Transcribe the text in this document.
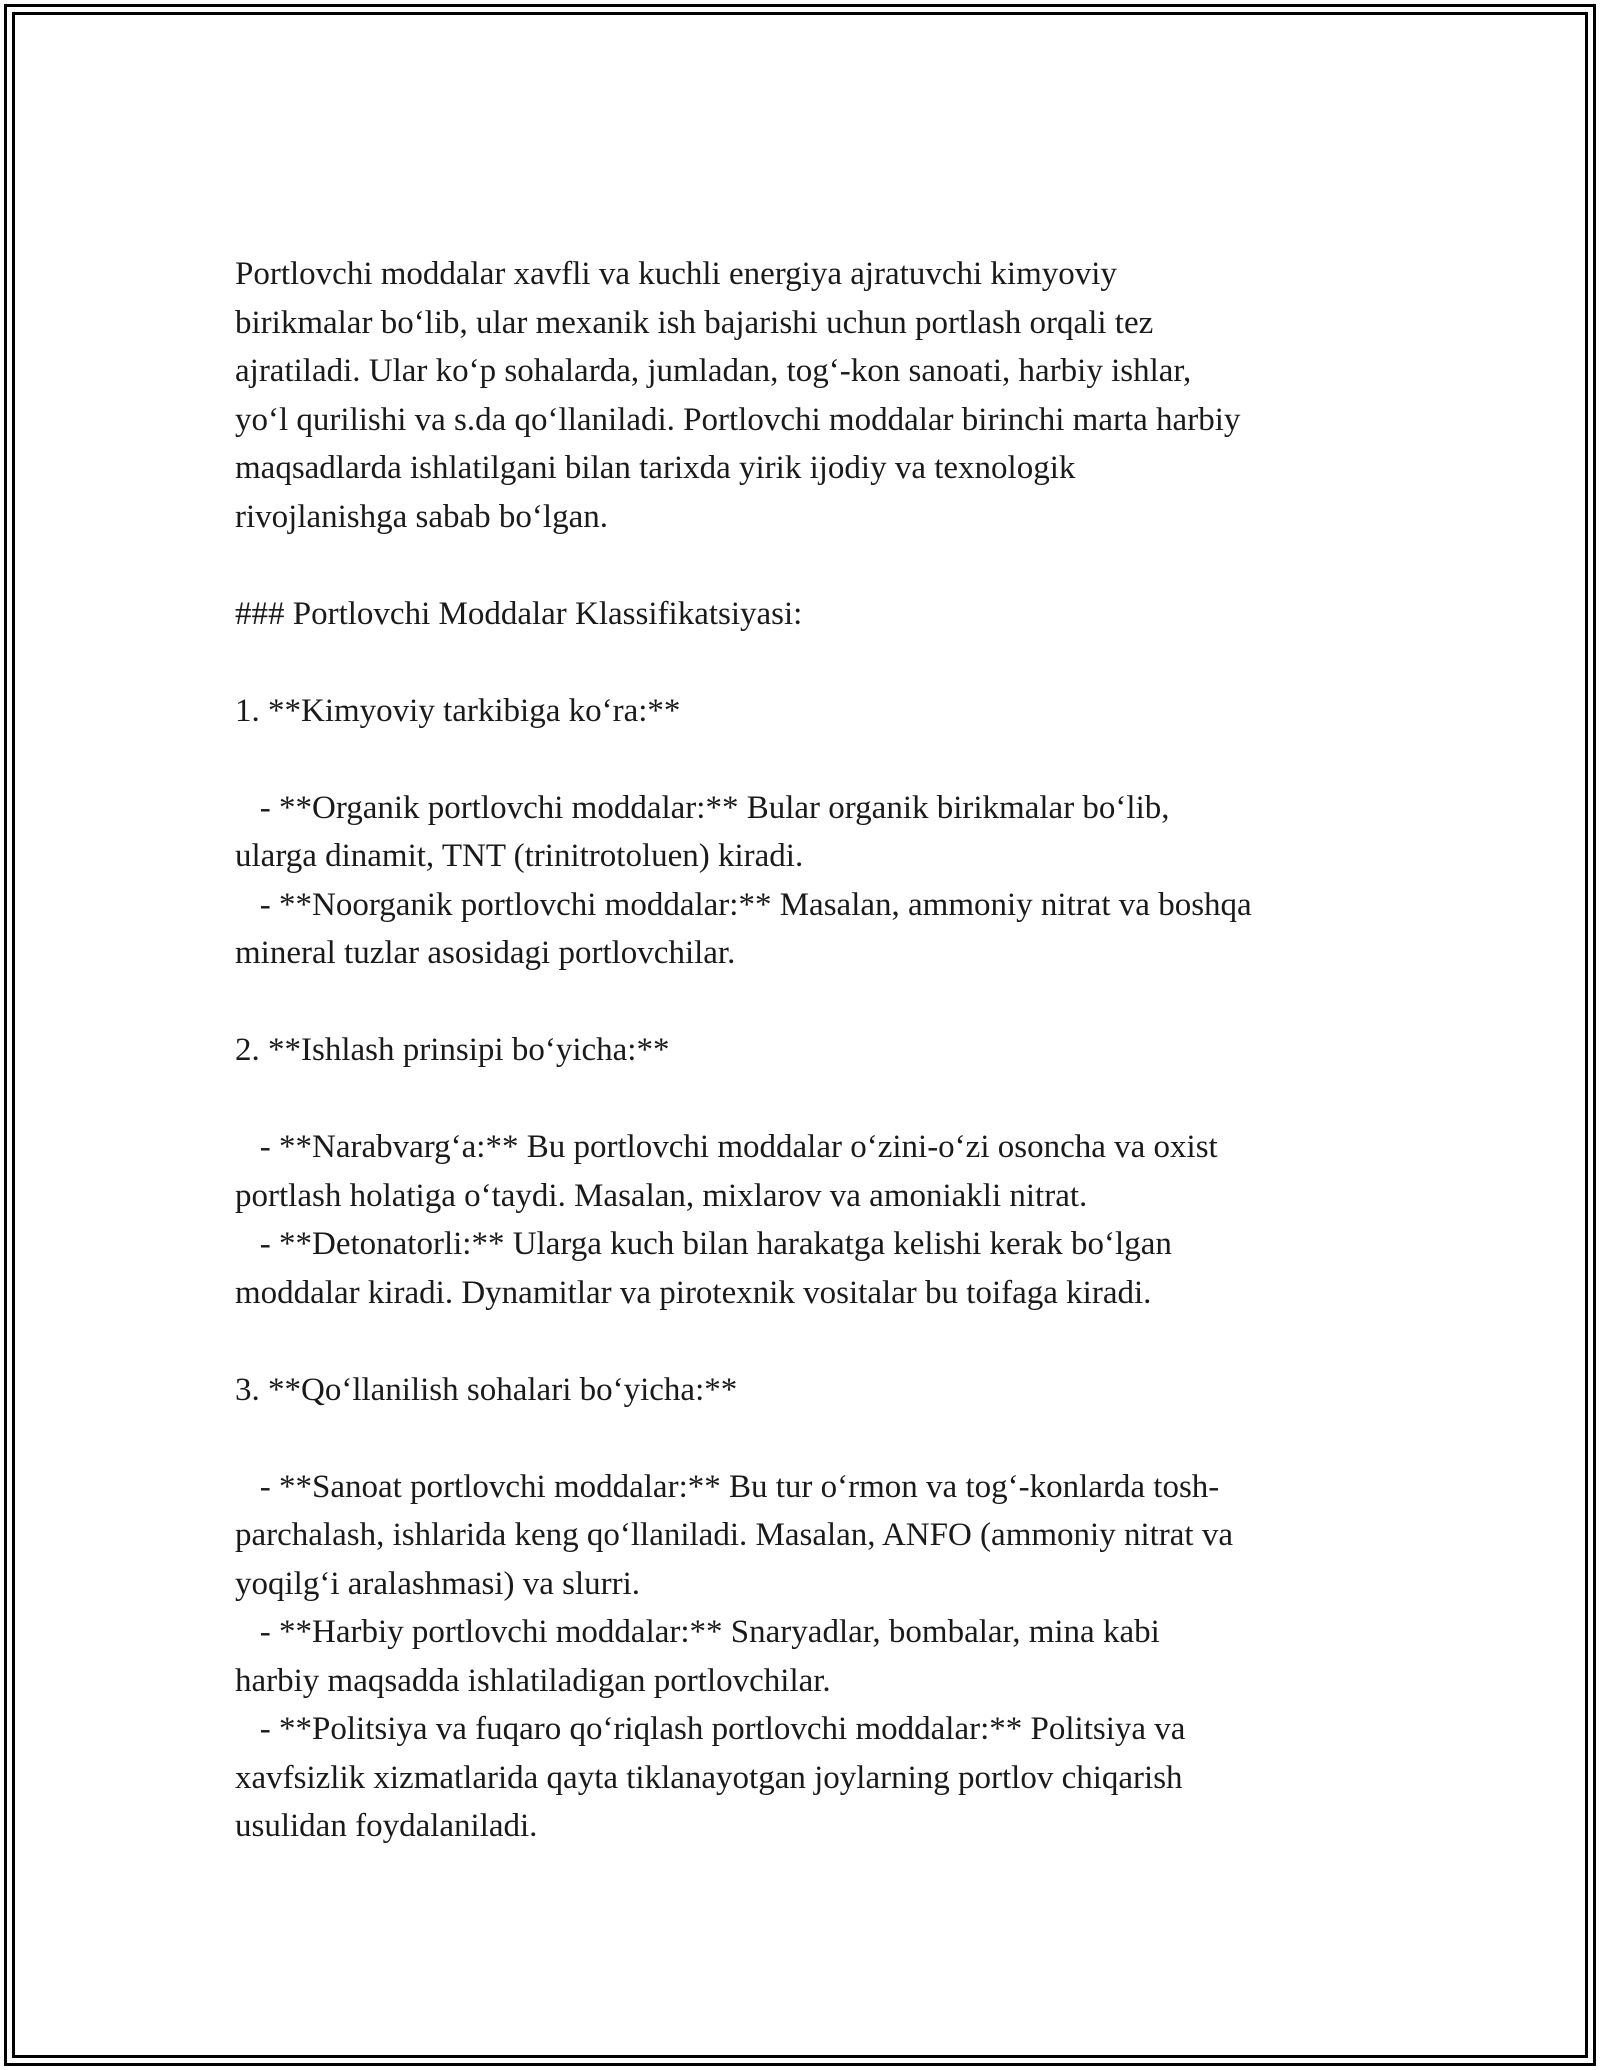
Portlovchi moddalar xavfli va kuchli energiya ajratuvchi kimyoviy
birikmalar bo‘lib, ular mexanik ish bajarishi uchun portlash orqali tez
ajratiladi. Ular ko‘p sohalarda, jumladan, tog‘-kon sanoati, harbiy ishlar,
yo‘l qurilishi va s.da qo‘llaniladi. Portlovchi moddalar birinchi marta harbiy
maqsadlarda ishlatilgani bilan tarixda yirik ijodiy va texnologik
rivojlanishga sabab bo‘lgan.

### Portlovchi Moddalar Klassifikatsiyasi:

1. **Kimyoviy tarkibiga ko‘ra:**

- **Organik portlovchi moddalar:** Bular organik birikmalar bo‘lib,
ularga dinamit, TNT (trinitrotoluen) kiradi.

- **Noorganik portlovchi moddalar:** Masalan, ammoniy nitrat va boshqa
mineral tuzlar asosidagi portlovchilar.

2. **Ishlash prinsipi bo‘yicha:**

- **Narabvarg‘a:** Bu portlovchi moddalar o‘zini-o‘zi osoncha va oxist
portlash holatiga o‘taydi. Masalan, mixlarov va amoniakli nitrat.

- **Detonatorli:** Ularga kuch bilan harakatga kelishi kerak bo‘lgan
moddalar kiradi. Dynamitlar va pirotexnik vositalar bu toifaga kiradi.

3. **Qo‘llanilish sohalari bo‘yicha:**

- **Sanoat portlovchi moddalar:** Bu tur o‘rmon va tog‘-konlarda tosh-
parchalash, ishlarida keng qo‘llaniladi. Masalan, ANFO (ammoniy nitrat va
yoqilg‘i aralashmasi) va slurri.

- **Harbiy portlovchi moddalar:** Snaryadlar, bombalar, mina kabi
harbiy maqsadda ishlatiladigan portlovchilar.

- **Politsiya va fuqaro qo‘riqlash portlovchi moddalar:** Politsiya va
xavfsizlik xizmatlarida qayta tiklanayotgan joylarning portlov chiqarish
usulidan foydalaniladi.
